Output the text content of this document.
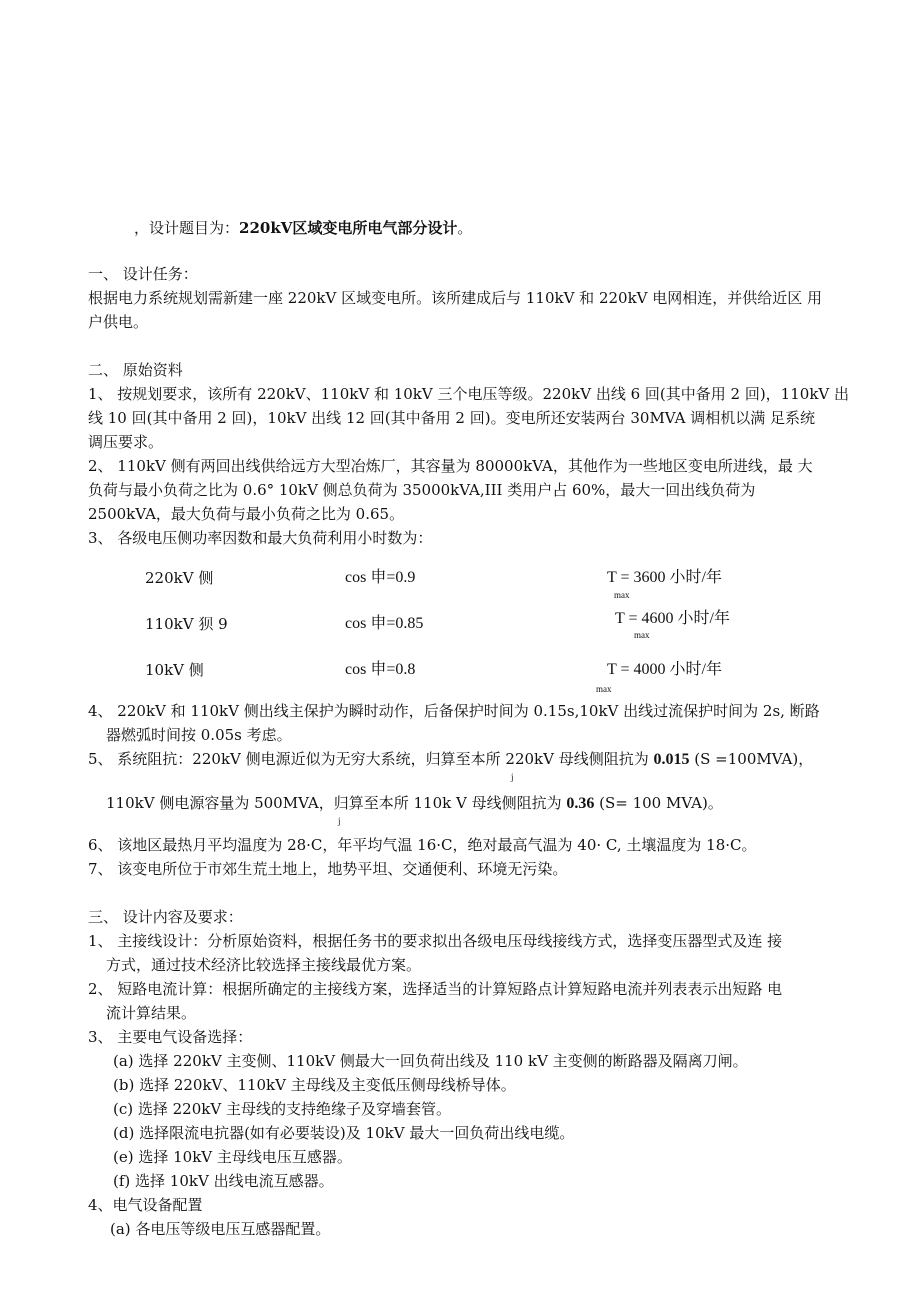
，设计题目为：220kV区域变电所电气部分设计。
一、 设计任务：
根据电力系统规划需新建一座 220kV 区域变电所。该所建成后与 110kV 和 220kV 电网相连，并供给近区 用
户供电。
二、 原始资料
1、 按规划要求，该所有 220kV、110kV 和 10kV 三个电压等级。220kV 出线 6 回(其中备用 2 回)，110kV 出
线 10 回(其中备用 2 回)，10kV 出线 12 回(其中备用 2 回)。变电所还安装两台 30MVA 调相机以满 足系统
调压要求。
2、 110kV 侧有两回出线供给远方大型冶炼厂，其容量为 80000kVA，其他作为一些地区变电所进线，最 大
负荷与最小负荷之比为 0.6° 10kV 侧总负荷为 35000kVA,III 类用户占 60%，最大一回出线负荷为
2500kVA，最大负荷与最小负荷之比为 0.65。
3、 各级电压侧功率因数和最大负荷利用小时数为：
220kV 侧	cos 申=0.9	T = 3600 小时/年
max
110kV 狈 9	cos 申=0.85	T = 4600 小时/年
max
10kV 侧	cos 申=0.8	T = 4000 小时/年
max
4、 220kV 和 110kV 侧出线主保护为瞬时动作，后备保护时间为 0.15s,10kV 出线过流保护时间为 2s, 断路
器燃弧时间按 0.05s 考虑。
5、 系统阻抗：220kV 侧电源近似为无穷大系统，归算至本所 220kV 母线侧阻抗为 0.015 (S =100MVA)，
j
110kV 侧电源容量为 500MVA，归算至本所 110k V 母线侧阻抗为 0.36 (S= 100 MVA)。
j
6、 该地区最热月平均温度为 28·C，年平均气温 16·C，绝对最高气温为 40· C, 土壤温度为 18·C。
7、 该变电所位于市郊生荒土地上，地势平坦、交通便利、环境无污染。
三、 设计内容及要求：
1、 主接线设计：分析原始资料，根据任务书的要求拟出各级电压母线接线方式，选择变压器型式及连 接
方式，通过技术经济比较选择主接线最优方案。
2、 短路电流计算：根据所确定的主接线方案，选择适当的计算短路点计算短路电流并列表表示出短路 电
流计算结果。
3、 主要电气设备选择：
(a) 选择 220kV 主变侧、110kV 侧最大一回负荷出线及 110 kV 主变侧的断路器及隔离刀闸。
(b) 选择 220kV、110kV 主母线及主变低压侧母线桥导体。
(c) 选择 220kV 主母线的支持绝缘子及穿墙套管。
(d) 选择限流电抗器(如有必要装设)及 10kV 最大一回负荷出线电缆。
(e) 选择 10kV 主母线电压互感器。
(f) 选择 10kV 出线电流互感器。
4、电气设备配置
(a) 各电压等级电压互感器配置。
